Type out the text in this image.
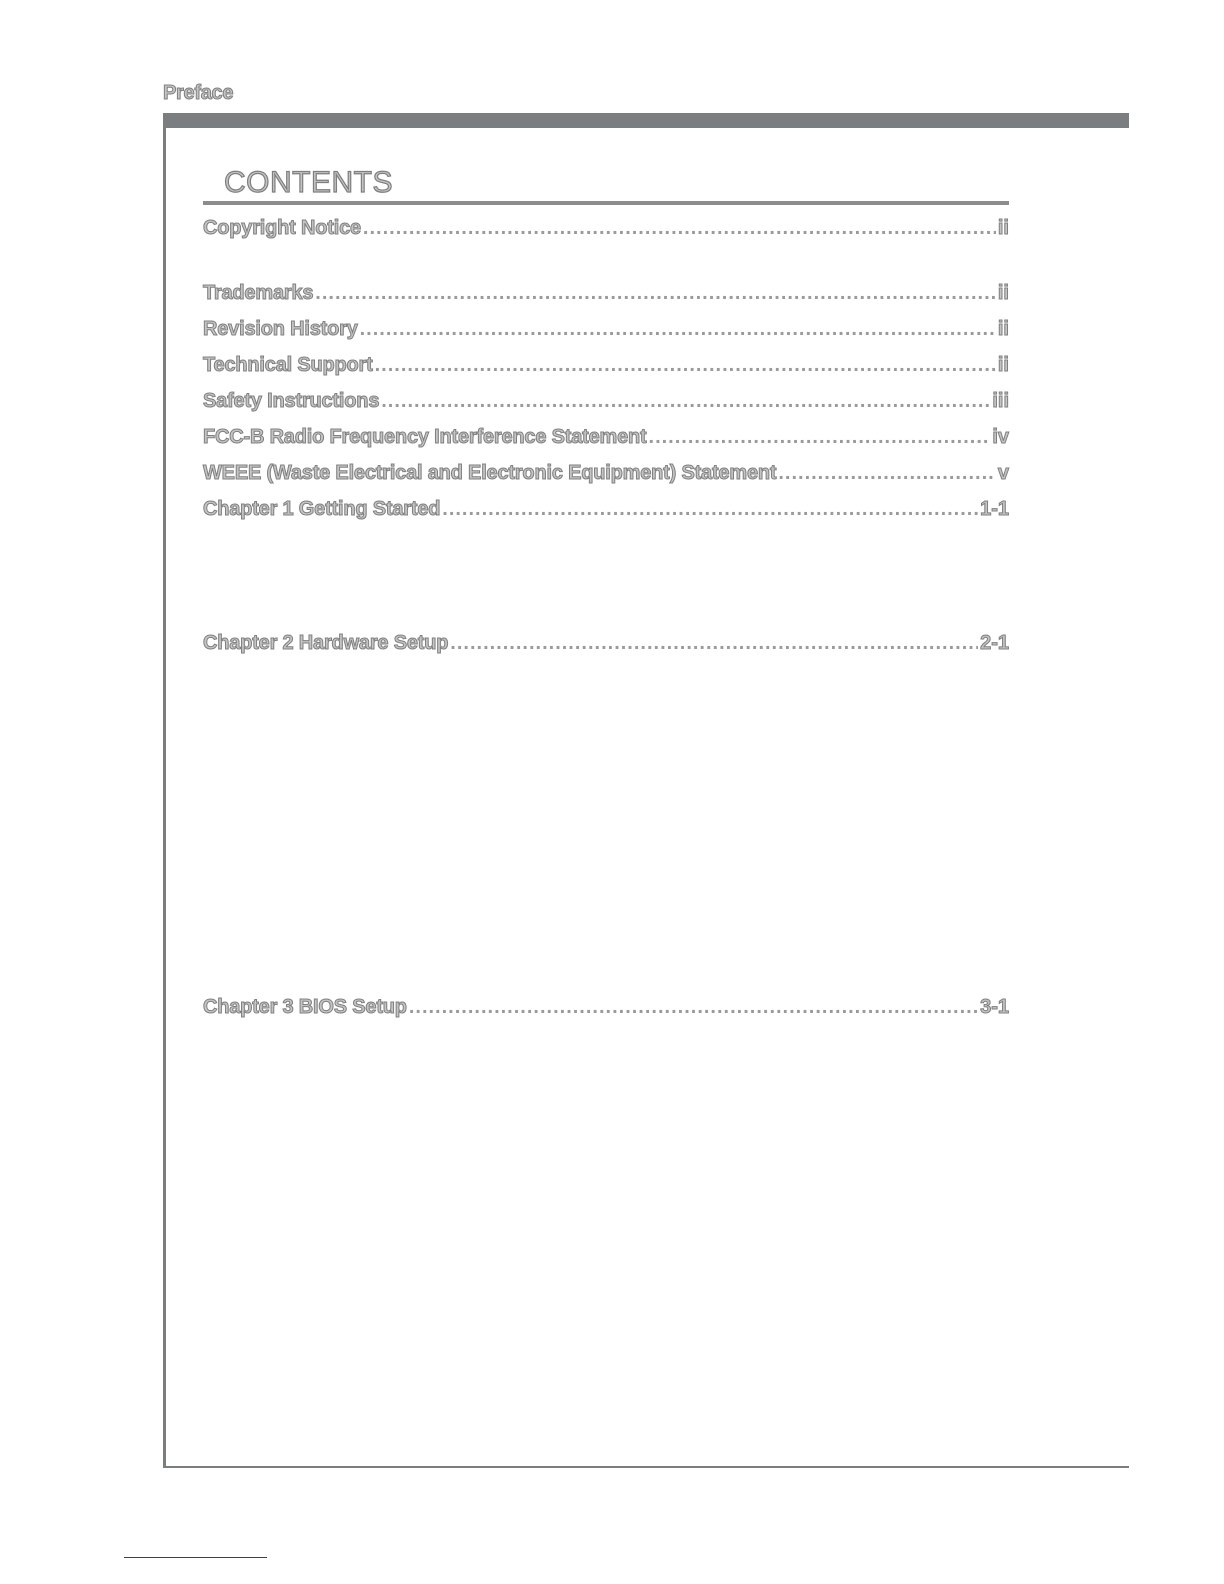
Preface
CONTENTS
Copyright Notice .....	ii
Trademarks .....	ii
Revision History .....	ii
Technical Support .....	ii
Safety Instructions .....	iii
FCC-B Radio Frequency Interference Statement .....	iv
WEEE (Waste Electrical and Electronic Equipment) Statement .....	v
Chapter 1 Getting Started .....	1-1
Chapter 2 Hardware Setup .....	2-1
Chapter 3 BIOS Setup .....	3-1
